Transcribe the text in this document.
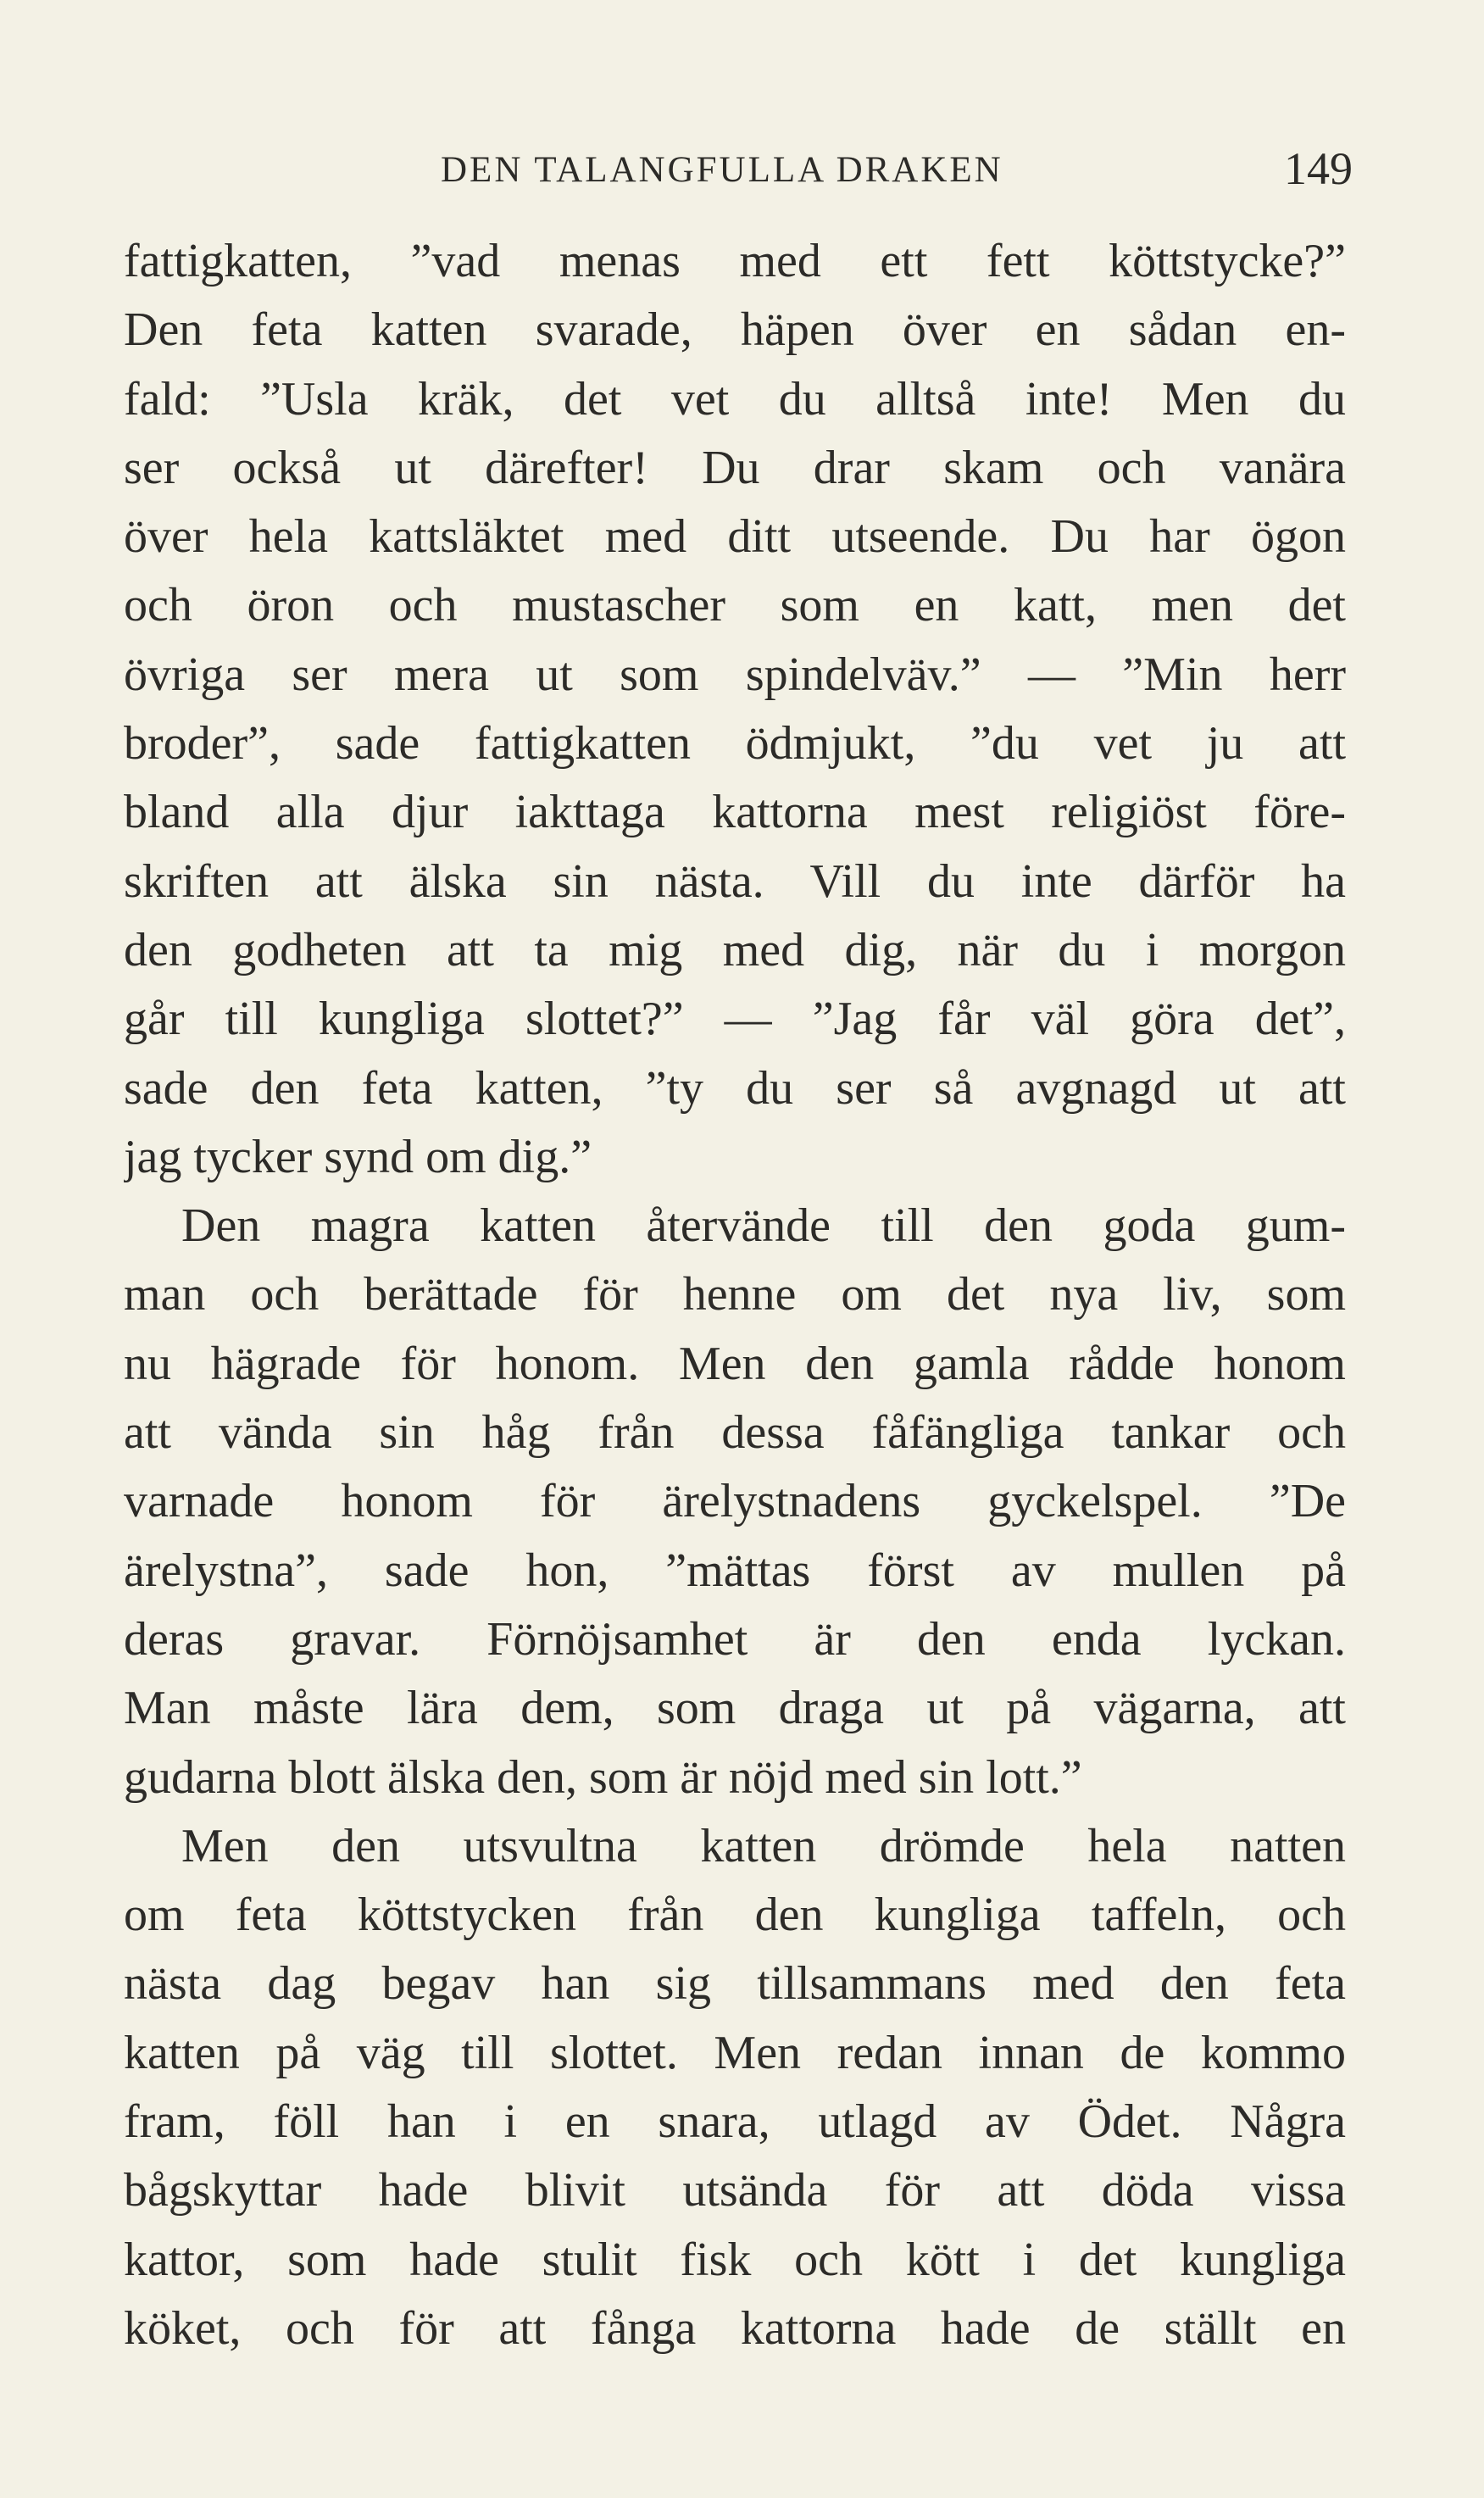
DEN TALANGFULLA DRAKEN	149
fattigkatten, ”vad menas med ett fett köttstycke?”
Den feta katten svarade, häpen över en sådan en-
fald: ”Usla kräk, det vet du alltså inte! Men du
ser också ut därefter! Du drar skam och vanära
över hela kattsläktet med ditt utseende. Du har ögon
och öron och mustascher som en katt, men det
övriga ser mera ut som spindelväv.” — ”Min herr
broder”, sade fattigkatten ödmjukt, ”du vet ju att
bland alla djur iakttaga kattorna mest religiöst före-
skriften att älska sin nästa. Vill du inte därför ha
den godheten att ta mig med dig, när du i morgon
går till kungliga slottet?” — ”Jag får väl göra det”,
sade den feta katten, ”ty du ser så avgnagd ut att
jag tycker synd om dig.”
Den magra katten återvände till den goda gum-
man och berättade för henne om det nya liv, som
nu hägrade för honom. Men den gamla rådde honom
att vända sin håg från dessa fåfängliga tankar och
varnade honom för ärelystnadens gyckelspel. ”De
ärelystna”, sade hon, ”mättas först av mullen på
deras gravar. Förnöjsamhet är den enda lyckan.
Man måste lära dem, som draga ut på vägarna, att
gudarna blott älska den, som är nöjd med sin lott.”
Men den utsvultna katten drömde hela natten
om feta köttstycken från den kungliga taffeln, och
nästa dag begav han sig tillsammans med den feta
katten på väg till slottet. Men redan innan de kommo
fram, föll han i en snara, utlagd av Ödet. Några
bågskyttar hade blivit utsända för att döda vissa
kattor, som hade stulit fisk och kött i det kungliga
köket, och för att fånga kattorna hade de ställt en
